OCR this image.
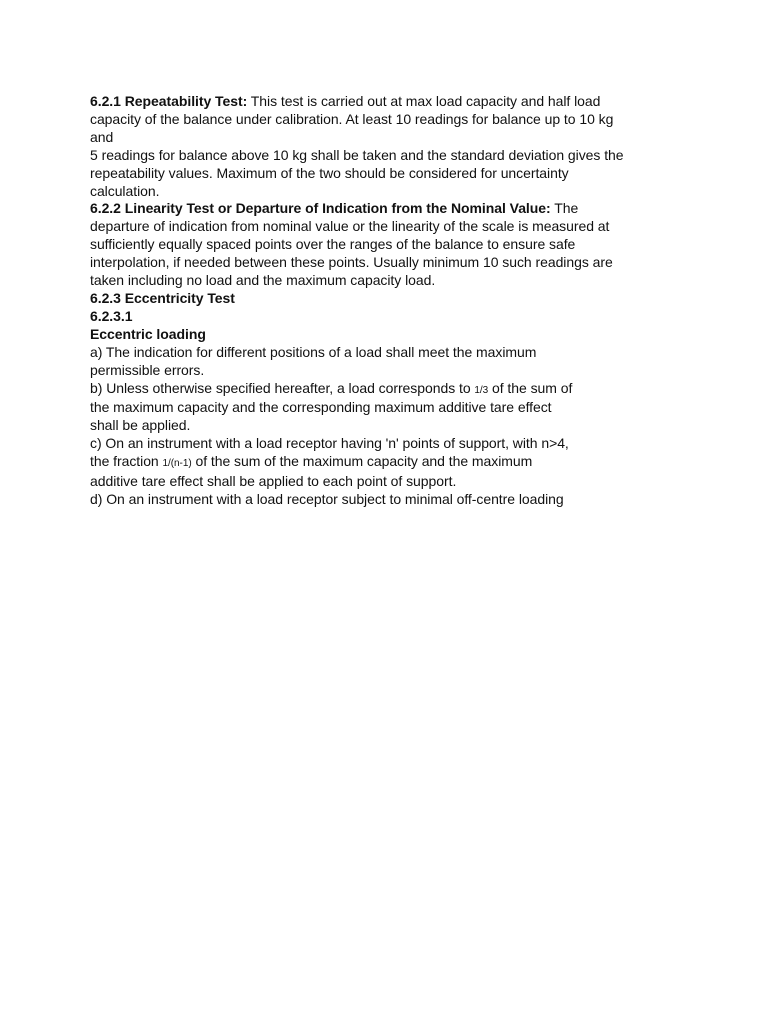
6.2.1 Repeatability Test: This test is carried out at max load capacity and half load
capacity of the balance under calibration. At least 10 readings for balance up to 10 kg
and
5 readings for balance above 10 kg shall be taken and the standard deviation gives the
repeatability values. Maximum of the two should be considered for uncertainty
calculation.
6.2.2 Linearity Test or Departure of Indication from the Nominal Value: The
departure of indication from nominal value or the linearity of the scale is measured at
sufficiently equally spaced points over the ranges of the balance to ensure safe
interpolation, if needed between these points. Usually minimum 10 such readings are
taken including no load and the maximum capacity load.
6.2.3 Eccentricity Test
6.2.3.1
Eccentric loading
a) The indication for different positions of a load shall meet the maximum
permissible errors.
b) Unless otherwise specified hereafter, a load corresponds to 1/3 of the sum of
the maximum capacity and the corresponding maximum additive tare effect
shall be applied.
c) On an instrument with a load receptor having 'n' points of support, with n>4,
the fraction 1/(n-1) of the sum of the maximum capacity and the maximum
additive tare effect shall be applied to each point of support.
d) On an instrument with a load receptor subject to minimal off-centre loading
